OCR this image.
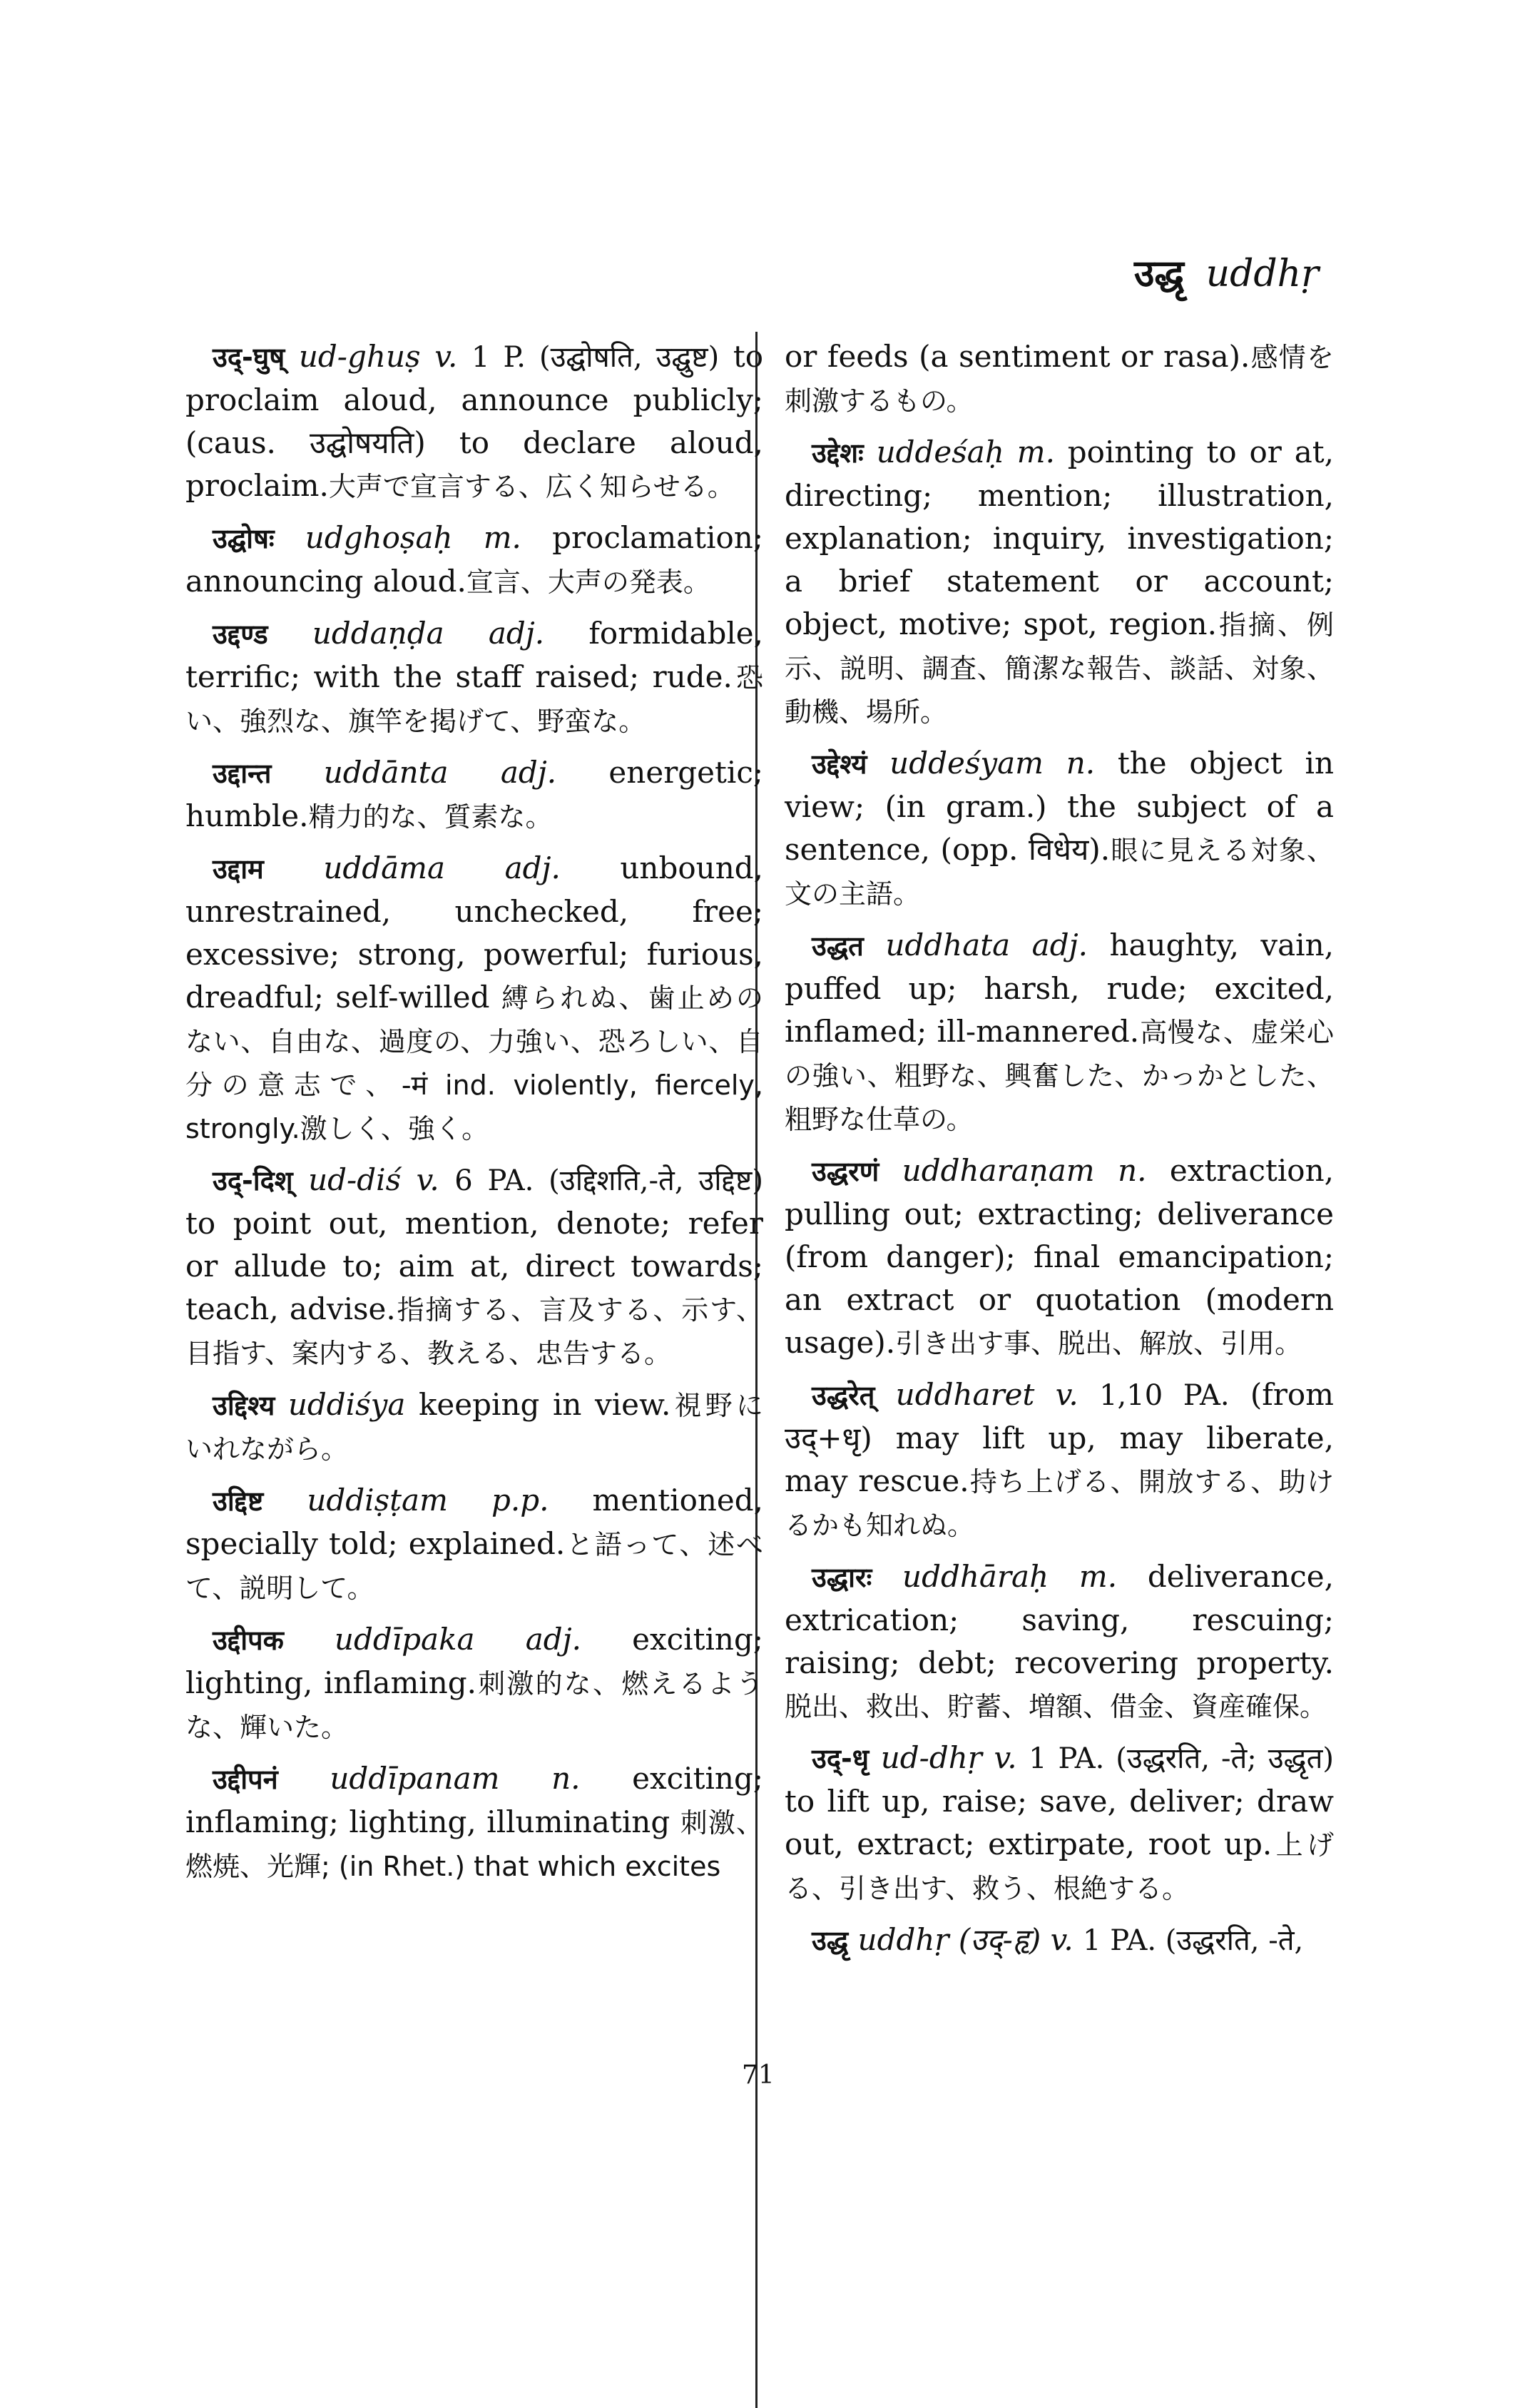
उद्धृ uddhṛ

उद्-घुष् ud-ghuṣ v. 1 P. (उद्घोषति, उद्घुष्ट) to proclaim aloud, announce publicly; (caus. उद्घोषयति) to declare aloud, proclaim.大声で宣言する、広く知らせる。

उद्घोषः udghoṣaḥ m. proclamation; announcing aloud.宣言、大声の発表。

उद्दण्ड uddaṇḍa adj. formidable, terrific; with the staff raised; rude.恐い、強烈な、旗竿を掲げて、野蛮な。

उद्दान्त uddānta adj. energetic; humble.精力的な、質素な。

उद्दाम uddāma adj. unbound, unrestrained, unchecked, free; excessive; strong, powerful; furious, dreadful; self-willed 縛られぬ、歯止めのない、自由な、過度の、力強い、恐ろしい、自分の意志で、-मं ind. violently, fiercely, strongly.激しく、強く。

उद्-दिश् ud-diś v. 6 PA. (उद्दिशति,-ते, उद्दिष्ट) to point out, mention, denote; refer or allude to; aim at, direct towards; teach, advise.指摘する、言及する、示す、目指す、案内する、教える、忠告する。

उद्दिश्य uddiśya keeping in view.視野にいれながら。

उद्दिष्ट uddiṣṭam p.p. mentioned, specially told; explained.と語って、述べて、説明して。

उद्दीपक uddīpaka adj. exciting; lighting, inflaming.刺激的な、燃えるような、輝いた。

उद्दीपनं uddīpanam n. exciting; inflaming; lighting, illuminating 刺激、燃焼、光輝; (in Rhet.) that which excites

or feeds (a sentiment or rasa).感情を刺激するもの。

उद्देशः uddeśaḥ m. pointing to or at, directing; mention; illustration, explanation; inquiry, investigation; a brief statement or account; object, motive; spot, region.指摘、例示、説明、調査、簡潔な報告、談話、対象、動機、場所。

उद्देश्यं uddeśyam n. the object in view; (in gram.) the subject of a sentence, (opp. विधेय).眼に見える対象、文の主語。

उद्धत uddhata adj. haughty, vain, puffed up; harsh, rude; excited, inflamed; ill-mannered.高慢な、虚栄心の強い、粗野な、興奮した、かっかとした、粗野な仕草の。

उद्धरणं uddharaṇam n. extraction, pulling out; extracting; deliverance (from danger); final emancipation; an extract or quotation (modern usage).引き出す事、脱出、解放、引用。

उद्धरेत् uddharet v. 1,10 PA. (from उद्+धृ) may lift up, may liberate, may rescue.持ち上げる、開放する、助けるかも知れぬ。

उद्धारः uddhāraḥ m. deliverance, extrication; saving, rescuing; raising; debt; recovering property.脱出、救出、貯蓄、増額、借金、資産確保。

उद्-धृ ud-dhṛ v. 1 PA. (उद्धरति, -ते; उद्धृत) to lift up, raise; save, deliver; draw out, extract; extirpate, root up.上げる、引き出す、救う、根絶する。

उद्धृ uddhṛ (उद्-हृ) v. 1 PA. (उद्धरति, -ते,

71
